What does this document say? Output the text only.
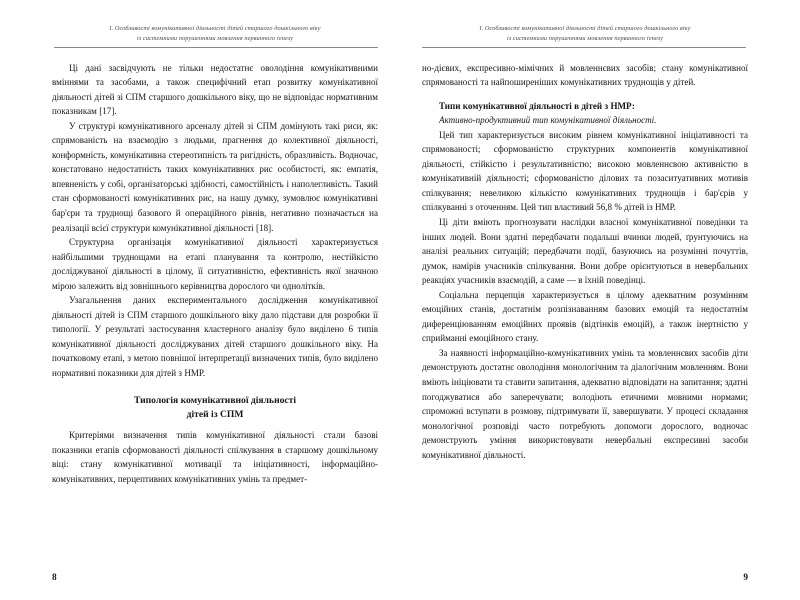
І. Особливості комунікативної діяльності дітей старшого дошкільного віку
із системними порушеннями мовлення первинного ґенезу

Ці дані засвідчують не тільки недостатнє оволодіння комунікативними вміннями та засобами, а також специфічний етап розвитку комунікативної діяльності дітей зі СПМ старшого дошкільного віку, що не відповідає нормативним показникам [17].

У структурі комунікативного арсеналу дітей зі СПМ домінують такі риси, як: спрямованість на взаємодію з людьми, прагнення до колективної діяльності, конформність, комунікативна стереотипність та ригідність, образливість. Водночас, констатовано недостатність таких комунікативних рис особистості, як: емпатія, впевненість у собі, організаторські здібності, самостійність і наполегливість. Такий стан сформованості комунікативних рис, на нашу думку, зумовлює комунікативні бар'єри та труднощі базового й операційного рівнів, негативно позначається на реалізації всієї структури комунікативної діяльності [18].

Структурна організація комунікативної діяльності характеризується найбільшими труднощами на етапі планування та контролю, нестійкістю досліджуваної діяльності в цілому, її ситуативністю, ефективність якої значною мірою залежить від зовнішнього керівництва дорослого чи однолітків.

Узагальнення даних експериментального дослідження комунікативної діяльності дітей із СПМ старшого дошкільного віку дало підстави для розробки її типології. У результаті застосування кластерного аналізу було виділено 6 типів комунікативної діяльності досліджуваних дітей старшого дошкільного віку. На початковому етапі, з метою повнішої інтерпретації визначених типів, було виділено нормативні показники для дітей з НМР.

Типологія комунікативної діяльності
дітей із СПМ

Критеріями визначення типів комунікативної діяльності стали базові показники етапів сформованості діяльності спілкування в старшому дошкільному віці: стану комунікативної мотивації та ініціативності, інформаційно-комунікативних, перцептивних комунікативних умінь та предмет-

8
І. Особливості комунікативної діяльності дітей старшого дошкільного віку
із системними порушеннями мовлення первинного ґенезу

но-дієвих, експресивно-мімічних й мовленнєвих засобів; стану комунікативної спрямованості та найпоширеніших комунікативних труднощів у дітей.

Типи комунікативної діяльності в дітей з НМР:

Активно-продуктивний тип комунікативної діяльності.

Цей тип характеризується високим рівнем комунікативної ініціативності та спрямованості; сформованістю структурних компонентів комунікативної діяльності, стійкістю і результативністю; високою мовленнєвою активністю в комунікативній діяльності; сформованістю ділових та позаситуативних мотивів спілкування; невеликою кількістю комунікативних труднощів і бар'єрів у спілкуванні з оточенням. Цей тип властивий 56,8 % дітей із НМР.

Ці діти вміють прогнозувати наслідки власної комунікативної поведінки та інших людей. Вони здатні передбачати подальші вчинки людей, ґрунтуючись на аналізі реальних ситуацій; передбачати події, базуючись на розумінні почуттів, думок, намірів учасників спілкування. Вони добре орієнтуються в невербальних реакціях учасників взаємодій, а саме — в їхній поведінці.

Соціальна перцепція характеризується в цілому адекватним розумінням емоційних станів, достатнім розпізнаванням базових емоцій та недостатнім диференціюванням емоційних проявів (відтінків емоцій), а також інертністю у сприйманні емоційного стану.

За наявності інформаційно-комунікативних умінь та мовленнєвих засобів діти демонструють достатнє оволодіння монологічним та діалогічним мовленням. Вони вміють ініціювати та ставити запитання, адекватно відповідати на запитання; здатні погоджуватися або заперечувати; володіють етичними мовними нормами; спроможні вступати в розмову, підтримувати її, завершувати. У процесі складання монологічної розповіді часто потребують допомоги дорослого, водночас демонструють уміння використовувати невербальні експресивні засоби комунікативної діяльності.

9
